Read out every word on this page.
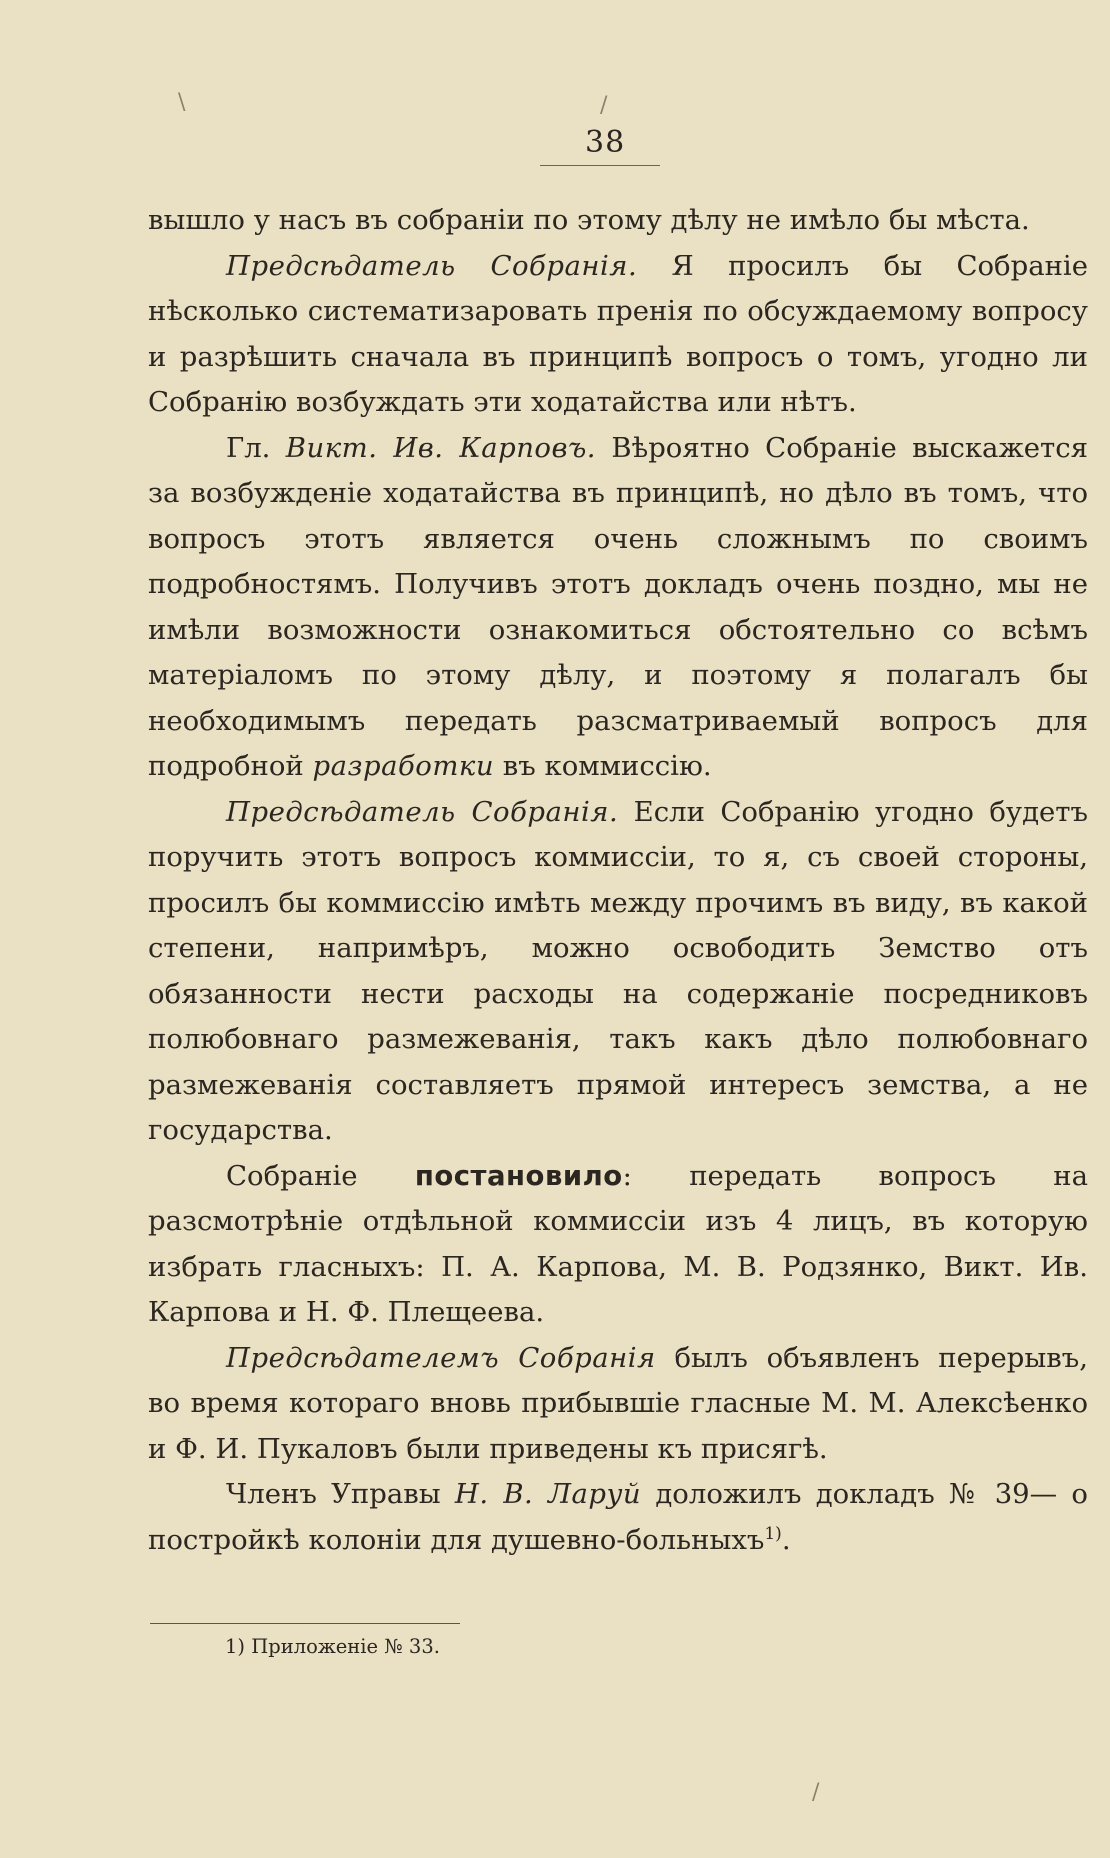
\	/
/
38

вышло у насъ въ собраніи по этому дѣлу не имѣло бы мѣста.

Предсѣдатель Собранія. Я просилъ бы Собраніе нѣсколько систематизаровать пренія по обсуждаемому вопросу и разрѣшить сначала въ принципѣ вопросъ о томъ, угодно ли Собранію возбуждать эти ходатайства или нѣтъ.

Гл. Викт. Ив. Карповъ. Вѣроятно Собраніе выскажется за возбужденіе ходатайства въ принципѣ, но дѣло въ томъ, что вопросъ этотъ является очень сложнымъ по своимъ подробностямъ. Получивъ этотъ докладъ очень поздно, мы не имѣли возможности ознакомиться обстоятельно со всѣмъ матеріаломъ по этому дѣлу, и поэтому я полагалъ бы необходимымъ передать разсматриваемый вопросъ для подробной разработки въ коммиссію.

Предсѣдатель Собранія. Если Собранію угодно будетъ поручить этотъ вопросъ коммиссіи, то я, съ своей стороны, просилъ бы коммиссію имѣть между прочимъ въ виду, въ какой степени, напримѣръ, можно освободить Земство отъ обязанности нести расходы на содержаніе посредниковъ полюбовнаго размежеванія, такъ какъ дѣло полюбовнаго размежеванія составляетъ прямой интересъ земства, а не государства.

Собраніе постановило: передать вопросъ на разсмотрѣніе отдѣльной коммиссіи изъ 4 лицъ, въ которую избрать гласныхъ: П. А. Карпова, М. В. Родзянко, Викт. Ив. Карпова и Н. Ф. Плещеева.

Предсѣдателемъ Собранія былъ объявленъ перерывъ, во время котораго вновь прибывшіе гласные М. М. Алексѣенко и Ф. И. Пукаловъ были приведены къ присягѣ.

Членъ Управы Н. В. Ларуй доложилъ докладъ № 39— о постройкѣ колоніи для душевно-больныхъ$^{1)}$.

1) Приложеніе № 33.
